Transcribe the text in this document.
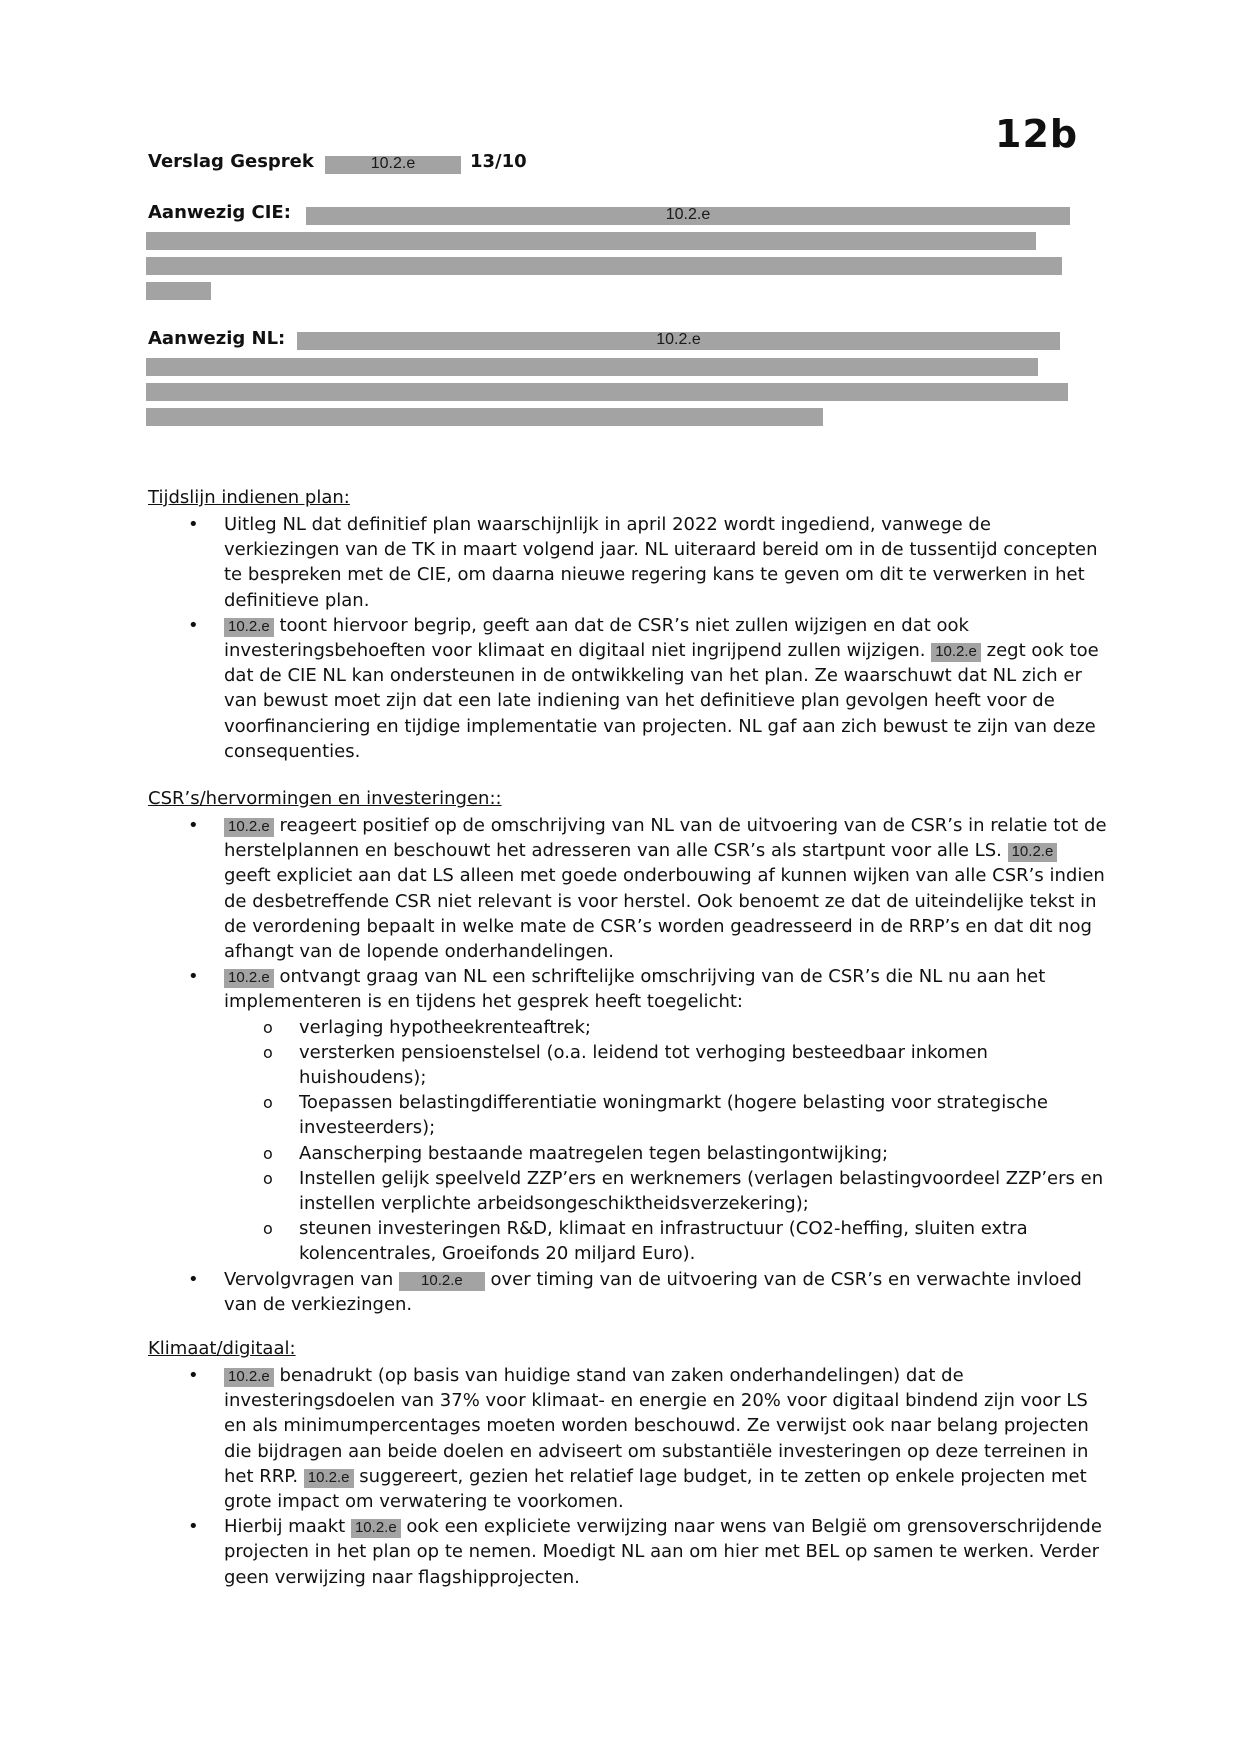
12b
Verslag Gesprek	10.2.e	13/10
Aanwezig CIE:	10.2.e
Aanwezig NL:	10.2.e
Tijdslijn indienen plan:
• Uitleg NL dat definitief plan waarschijnlijk in april 2022 wordt ingediend, vanwege de verkiezingen van de TK in maart volgend jaar. NL uiteraard bereid om in de tussentijd concepten te bespreken met de CIE, om daarna nieuwe regering kans te geven om dit te verwerken in het definitieve plan.
• 10.2.e toont hiervoor begrip, geeft aan dat de CSR’s niet zullen wijzigen en dat ook investeringsbehoeften voor klimaat en digitaal niet ingrijpend zullen wijzigen. 10.2.e zegt ook toe dat de CIE NL kan ondersteunen in de ontwikkeling van het plan. Ze waarschuwt dat NL zich er van bewust moet zijn dat een late indiening van het definitieve plan gevolgen heeft voor de voorfinanciering en tijdige implementatie van projecten. NL gaf aan zich bewust te zijn van deze consequenties.
CSR’s/hervormingen en investeringen::
• 10.2.e reageert positief op de omschrijving van NL van de uitvoering van de CSR’s in relatie tot de herstelplannen en beschouwt het adresseren van alle CSR’s als startpunt voor alle LS. 10.2.e geeft expliciet aan dat LS alleen met goede onderbouwing af kunnen wijken van alle CSR’s indien de desbetreffende CSR niet relevant is voor herstel. Ook benoemt ze dat de uiteindelijke tekst in de verordening bepaalt in welke mate de CSR’s worden geadresseerd in de RRP’s en dat dit nog afhangt van de lopende onderhandelingen.
• 10.2.e ontvangt graag van NL een schriftelijke omschrijving van de CSR’s die NL nu aan het implementeren is en tijdens het gesprek heeft toegelicht:
o verlaging hypotheekrenteaftrek;
o versterken pensioenstelsel (o.a. leidend tot verhoging besteedbaar inkomen huishoudens);
o Toepassen belastingdifferentiatie woningmarkt (hogere belasting voor strategische investeerders);
o Aanscherping bestaande maatregelen tegen belastingontwijking;
o Instellen gelijk speelveld ZZP’ers en werknemers (verlagen belastingvoordeel ZZP’ers en instellen verplichte arbeidsongeschiktheidsverzekering);
o steunen investeringen R&D, klimaat en infrastructuur (CO2-heffing, sluiten extra kolencentrales, Groeifonds 20 miljard Euro).
• Vervolgvragen van 10.2.e over timing van de uitvoering van de CSR’s en verwachte invloed van de verkiezingen.
Klimaat/digitaal:
• 10.2.e benadrukt (op basis van huidige stand van zaken onderhandelingen) dat de investeringsdoelen van 37% voor klimaat- en energie en 20% voor digitaal bindend zijn voor LS en als minimumpercentages moeten worden beschouwd. Ze verwijst ook naar belang projecten die bijdragen aan beide doelen en adviseert om substantiële investeringen op deze terreinen in het RRP. 10.2.e suggereert, gezien het relatief lage budget, in te zetten op enkele projecten met grote impact om verwatering te voorkomen.
• Hierbij maakt 10.2.e ook een expliciete verwijzing naar wens van België om grensoverschrijdende projecten in het plan op te nemen. Moedigt NL aan om hier met BEL op samen te werken. Verder geen verwijzing naar flagshipprojecten.
